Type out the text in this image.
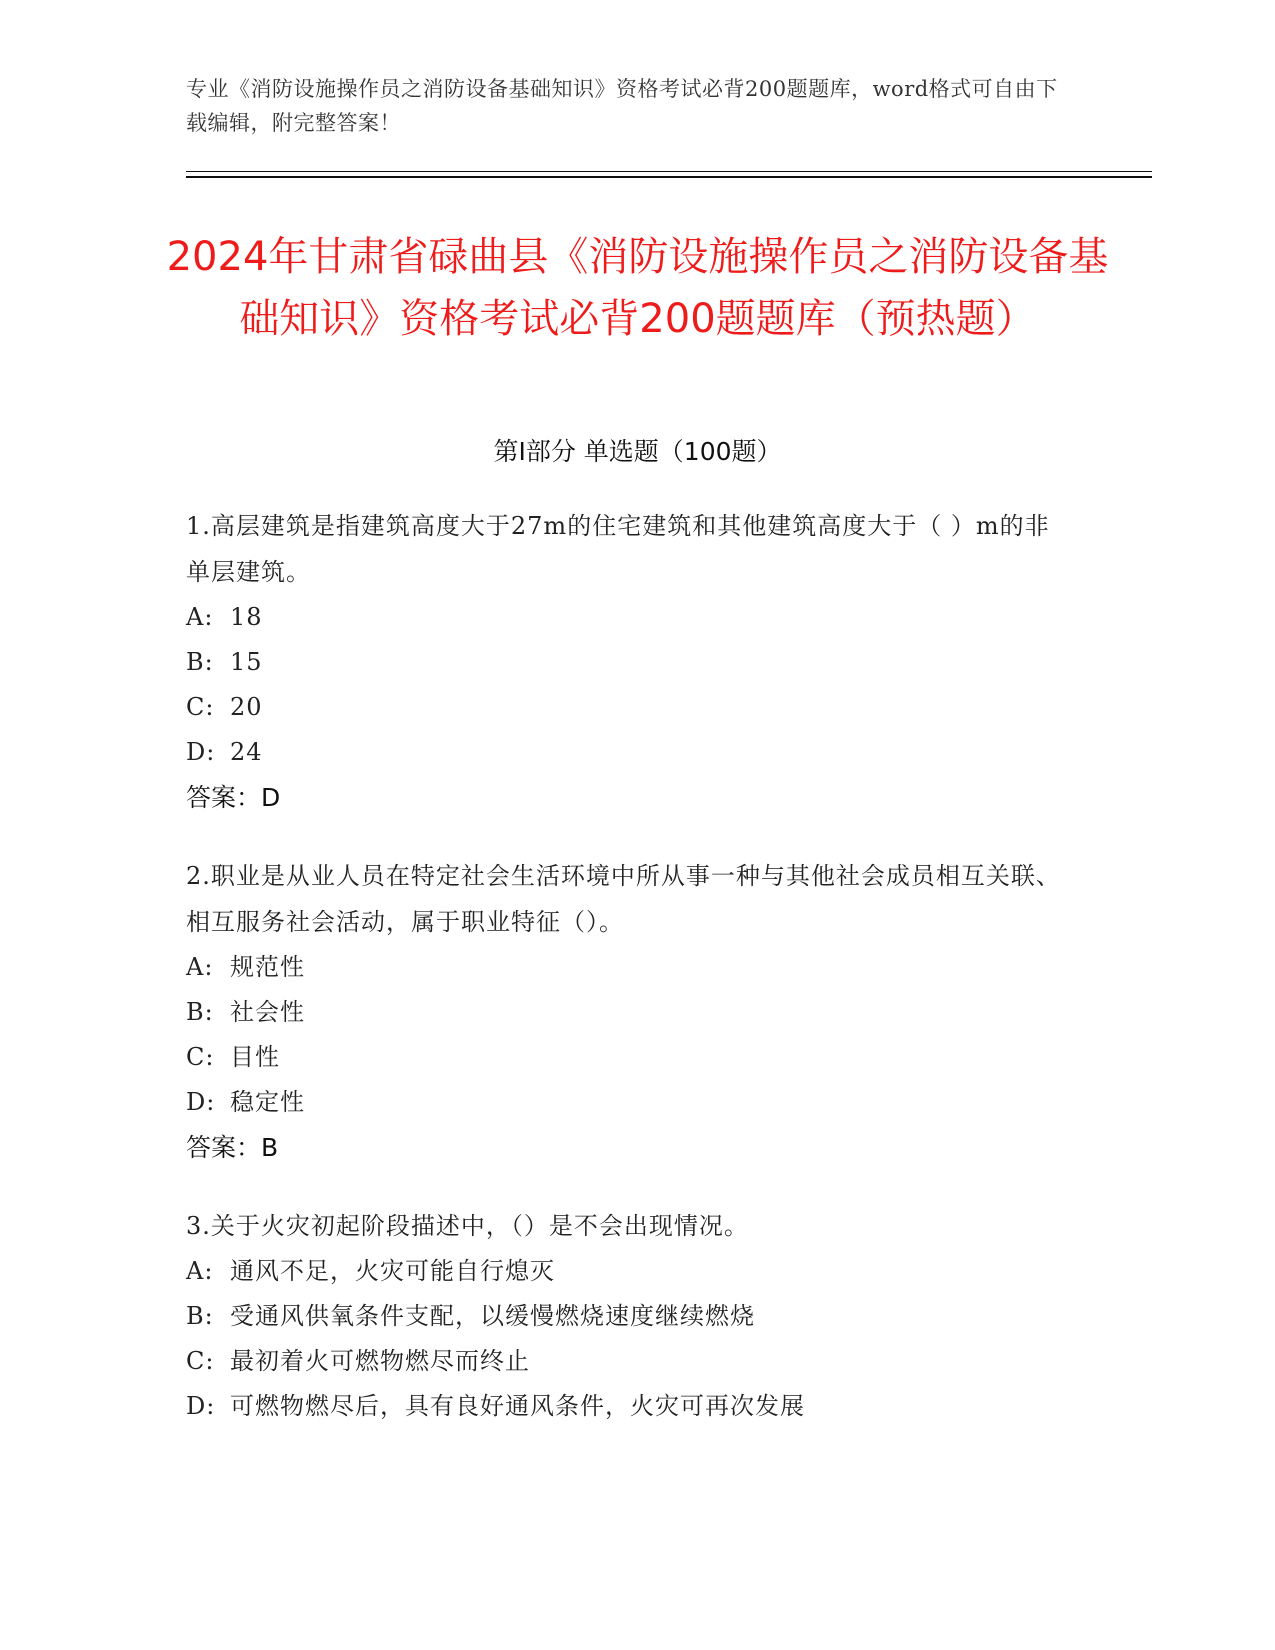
专业《消防设施操作员之消防设备基础知识》资格考试必背200题题库，word格式可自由下载编辑，附完整答案！
2024年甘肃省碌曲县《消防设施操作员之消防设备基础知识》资格考试必背200题题库（预热题）
第Ⅰ部分 单选题（100题）
1.高层建筑是指建筑高度大于27m的住宅建筑和其他建筑高度大于（ ）m的非单层建筑。
A: 18
B: 15
C: 20
D: 24
答案：D
2.职业是从业人员在特定社会生活环境中所从事一种与其他社会成员相互关联、相互服务社会活动，属于职业特征（）。
A: 规范性
B: 社会性
C: 目性
D: 稳定性
答案：B
3.关于火灾初起阶段描述中，（）是不会出现情况。
A: 通风不足，火灾可能自行熄灭
B: 受通风供氧条件支配，以缓慢燃烧速度继续燃烧
C: 最初着火可燃物燃尽而终止
D: 可燃物燃尽后，具有良好通风条件，火灾可再次发展
